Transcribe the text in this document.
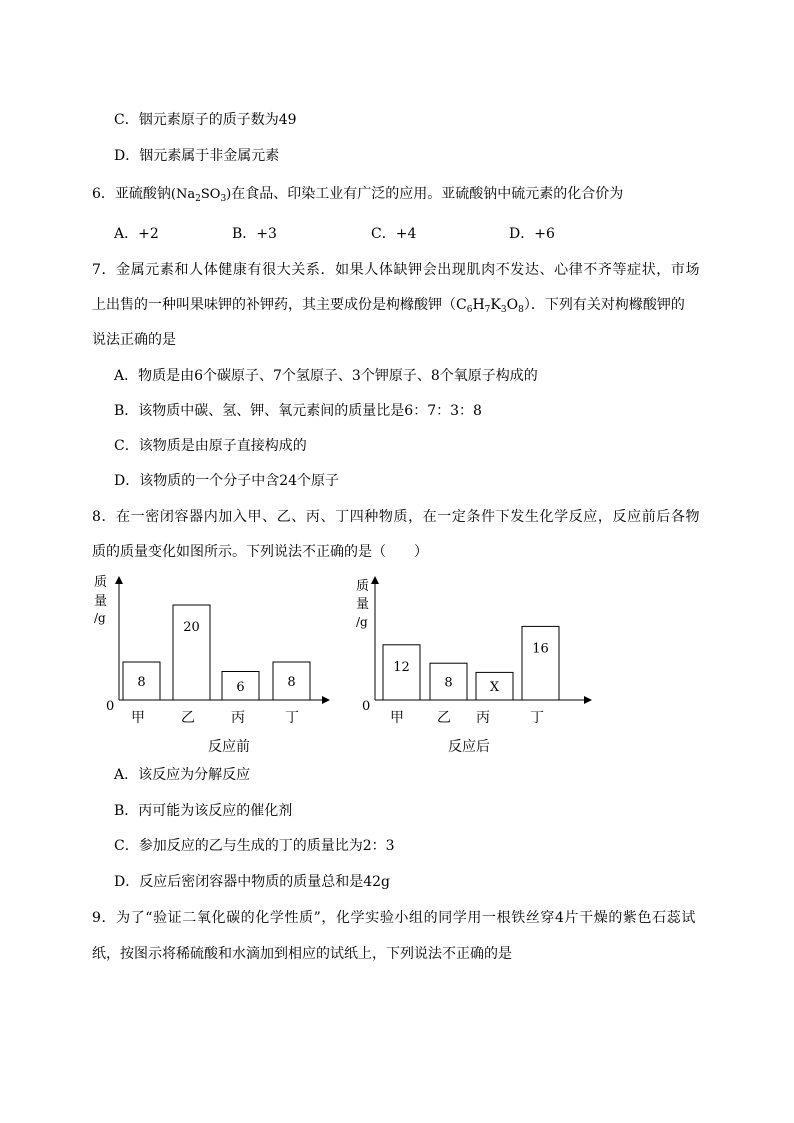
C．铟元素原子的质子数为49
D．铟元素属于非金属元素
6．亚硫酸钠$(Na_2SO_3)$在食品、印染工业有广泛的应用。亚硫酸钠中硫元素的化合价为
A．+2	B．+3	C．+4	D．+6
7．金属元素和人体健康有很大关系．如果人体缺钾会出现肌肉不发达、心律不齐等症状，市场
上出售的一种叫果味钾的补钾药，其主要成份是枸橼酸钾$(C_6H_7K_3O_8)$．下列有关对枸橼酸钾的
说法正确的是
A．物质是由6个碳原子、7个氢原子、3个钾原子、8个氧原子构成的
B．该物质中碳、氢、钾、氧元素间的质量比是6：7：3：8
C．该物质是由原子直接构成的
D．该物质的一个分子中含24个原子
8．在一密闭容器内加入甲、乙、丙、丁四种物质，在一定条件下发生化学反应，反应前后各物
质的质量变化如图所示。下列说法不正确的是（　　）
质
量
/g
0
8
甲
20
乙
6
丙
8
丁
反应前
质
量
/g
0
12
甲
8
乙
X
丙
16
丁
反应后
A．该反应为分解反应
B．丙可能为该反应的催化剂
C．参加反应的乙与生成的丁的质量比为2：3
D．反应后密闭容器中物质的质量总和是42g
9．为了“验证二氧化碳的化学性质”，化学实验小组的同学用一根铁丝穿4片干燥的紫色石蕊试
纸，按图示将稀硫酸和水滴加到相应的试纸上，下列说法不正确的是
